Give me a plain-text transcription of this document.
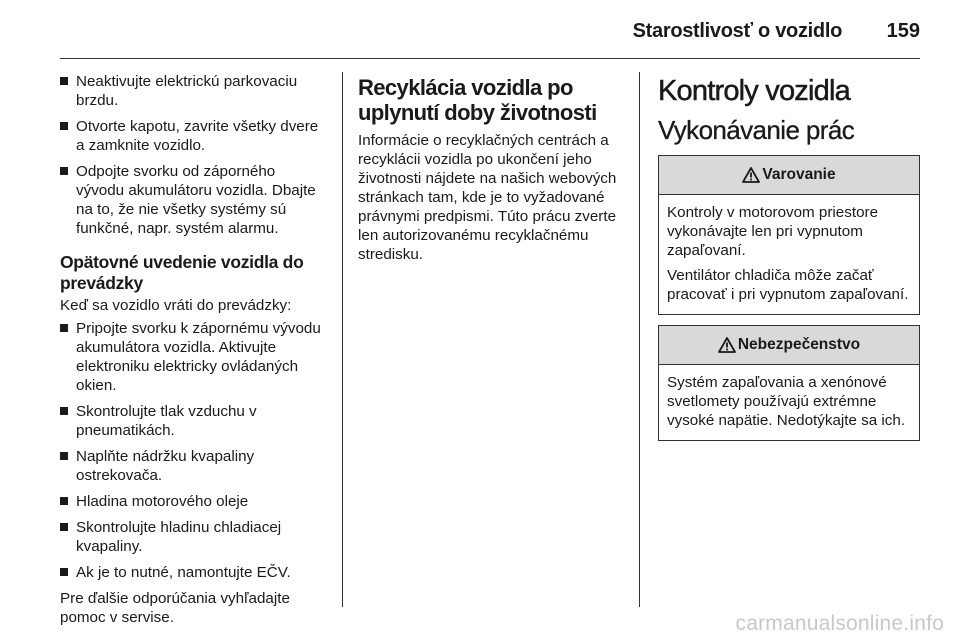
Starostlivosť o vozidlo 159
Neaktivujte elektrickú parkovaciu brzdu.
Otvorte kapotu, zavrite všetky dvere a zamknite vozidlo.
Odpojte svorku od záporného vývodu akumulátoru vozidla. Dbajte na to, že nie všetky systémy sú funkčné, napr. systém alarmu.
Opätovné uvedenie vozidla do prevádzky

Keď sa vozidlo vráti do prevádzky:

Pripojte svorku k zápornému vývodu akumulátora vozidla. Aktivujte elektroniku elektricky ovládaných okien.
Skontrolujte tlak vzduchu v pneumatikách.
Naplňte nádržku kvapaliny ostrekovača.
Hladina motorového oleje
Skontrolujte hladinu chladiacej kvapaliny.
Ak je to nutné, namontujte EČV.

Pre ďalšie odporúčania vyhľadajte pomoc v servise.

Recyklácia vozidla po uplynutí doby životnosti

Informácie o recyklačných centrách a recyklácii vozidla po ukončení jeho životnosti nájdete na našich webových stránkach tam, kde je to vyžadované právnymi predpismi. Túto prácu zverte len autorizovanému recyklačnému stredisku.

Kontroly vozidla
Vykonávanie prác
Varovanie

Kontroly v motorovom priestore vykonávajte len pri vypnutom zapaľovaní.

Ventilátor chladiča môže začať pracovať i pri vypnutom zapaľovaní.

Nebezpečenstvo

Systém zapaľovania a xenónové svetlomety používajú extrémne vysoké napätie. Nedotýkajte sa ich.

carmanualsonline.info
